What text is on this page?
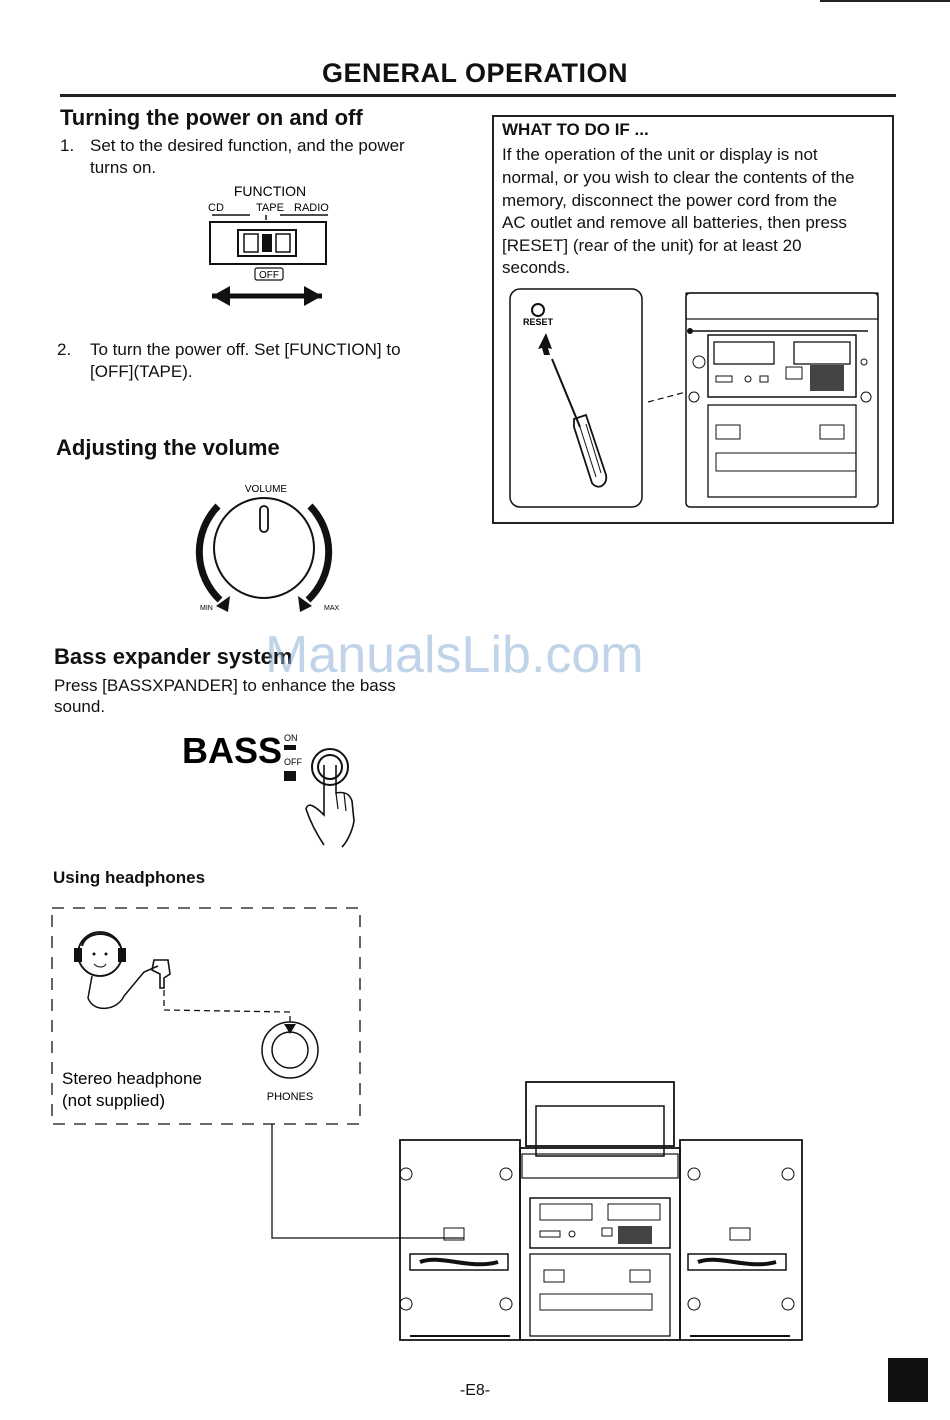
GENERAL OPERATION
Turning the power on and off
1. Set to the desired function, and the power
turns on.
FUNCTION
CD	TAPE RADIO
OFF
2. To turn the power off. Set [FUNCTION] to
[OFF](TAPE).
WHAT TO DO IF ...
If the operation of the unit or display is not
normal, or you wish to clear the contents of the
memory, disconnect the power cord from the
AC outlet and remove all batteries, then press
[RESET] (rear of the unit) for at least 20
seconds.
RESET
Adjusting the volume
VOLUME
MIN	MAX
Bass expander system
Press [BASSXPANDER] to enhance the bass
sound.
BASS ON
OFF
Using headphones
PHONES
Stereo headphone
(not supplied)
ManualsLib.com
-E8-
